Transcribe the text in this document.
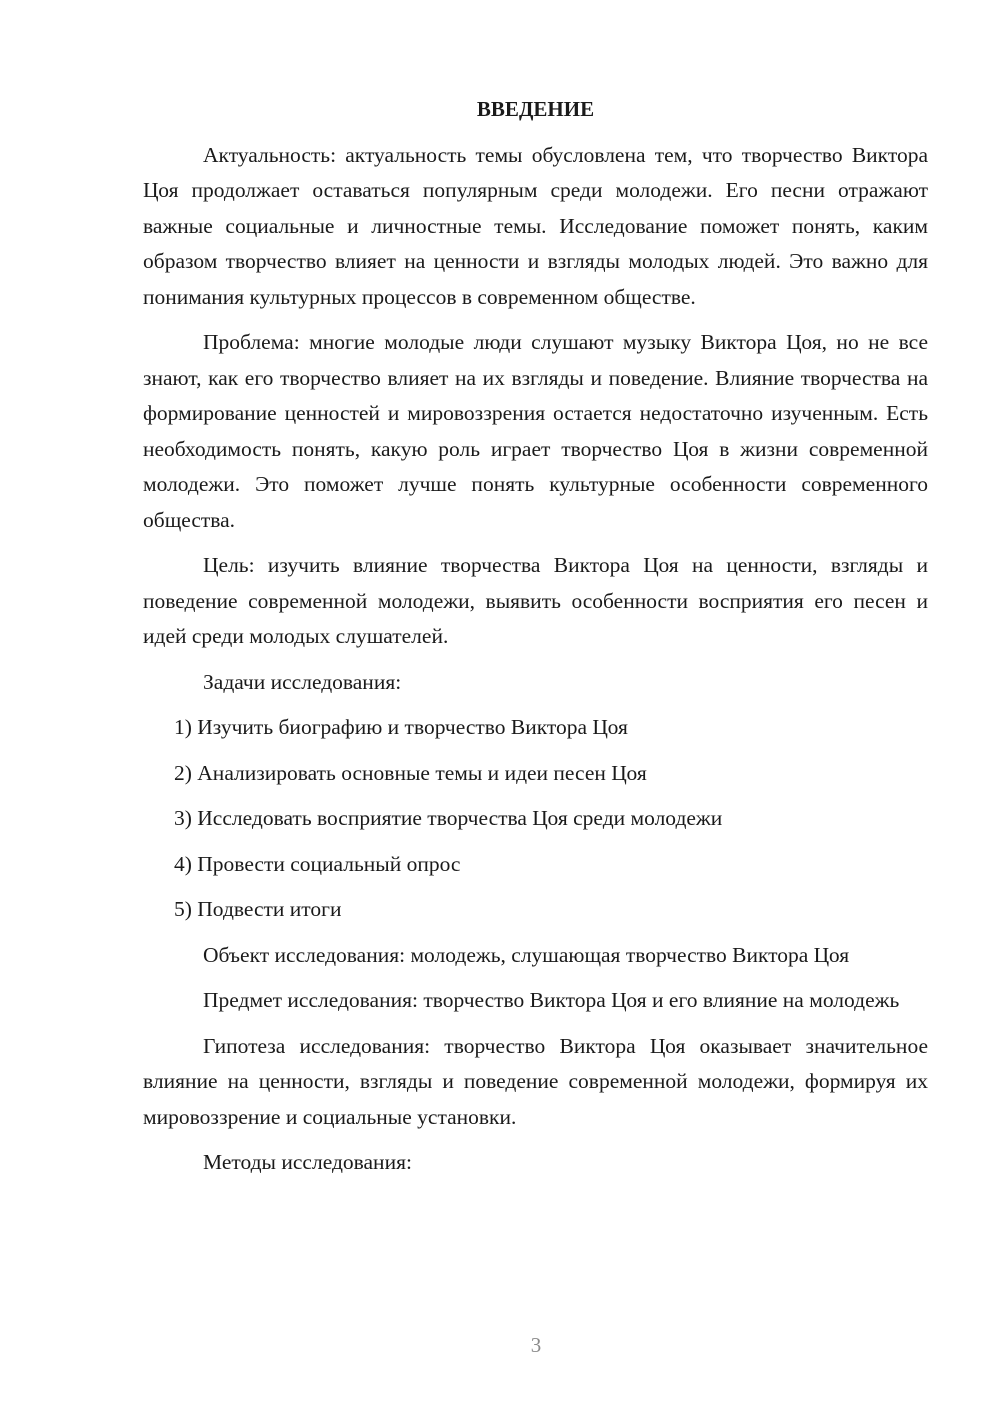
ВВЕДЕНИЕ

Актуальность: актуальность темы обусловлена тем, что творчество Виктора Цоя продолжает оставаться популярным среди молодежи. Его песни отражают важные социальные и личностные темы. Исследование поможет понять, каким образом творчество влияет на ценности и взгляды молодых людей. Это важно для понимания культурных процессов в современном обществе.

Проблема: многие молодые люди слушают музыку Виктора Цоя, но не все знают, как его творчество влияет на их взгляды и поведение. Влияние творчества на формирование ценностей и мировоззрения остается недостаточно изученным. Есть необходимость понять, какую роль играет творчество Цоя в жизни современной молодежи. Это поможет лучше понять культурные особенности современного общества.

Цель: изучить влияние творчества Виктора Цоя на ценности, взгляды и поведение современной молодежи, выявить особенности восприятия его песен и идей среди молодых слушателей.

Задачи исследования:

1) Изучить биографию и творчество Виктора Цоя
2) Анализировать основные темы и идеи песен Цоя
3) Исследовать восприятие творчества Цоя среди молодежи
4) Провести социальный опрос
5) Подвести итоги

Объект исследования: молодежь, слушающая творчество Виктора Цоя

Предмет исследования: творчество Виктора Цоя и его влияние на молодежь

Гипотеза исследования: творчество Виктора Цоя оказывает значительное влияние на ценности, взгляды и поведение современной молодежи, формируя их мировоззрение и социальные установки.

Методы исследования:

3
